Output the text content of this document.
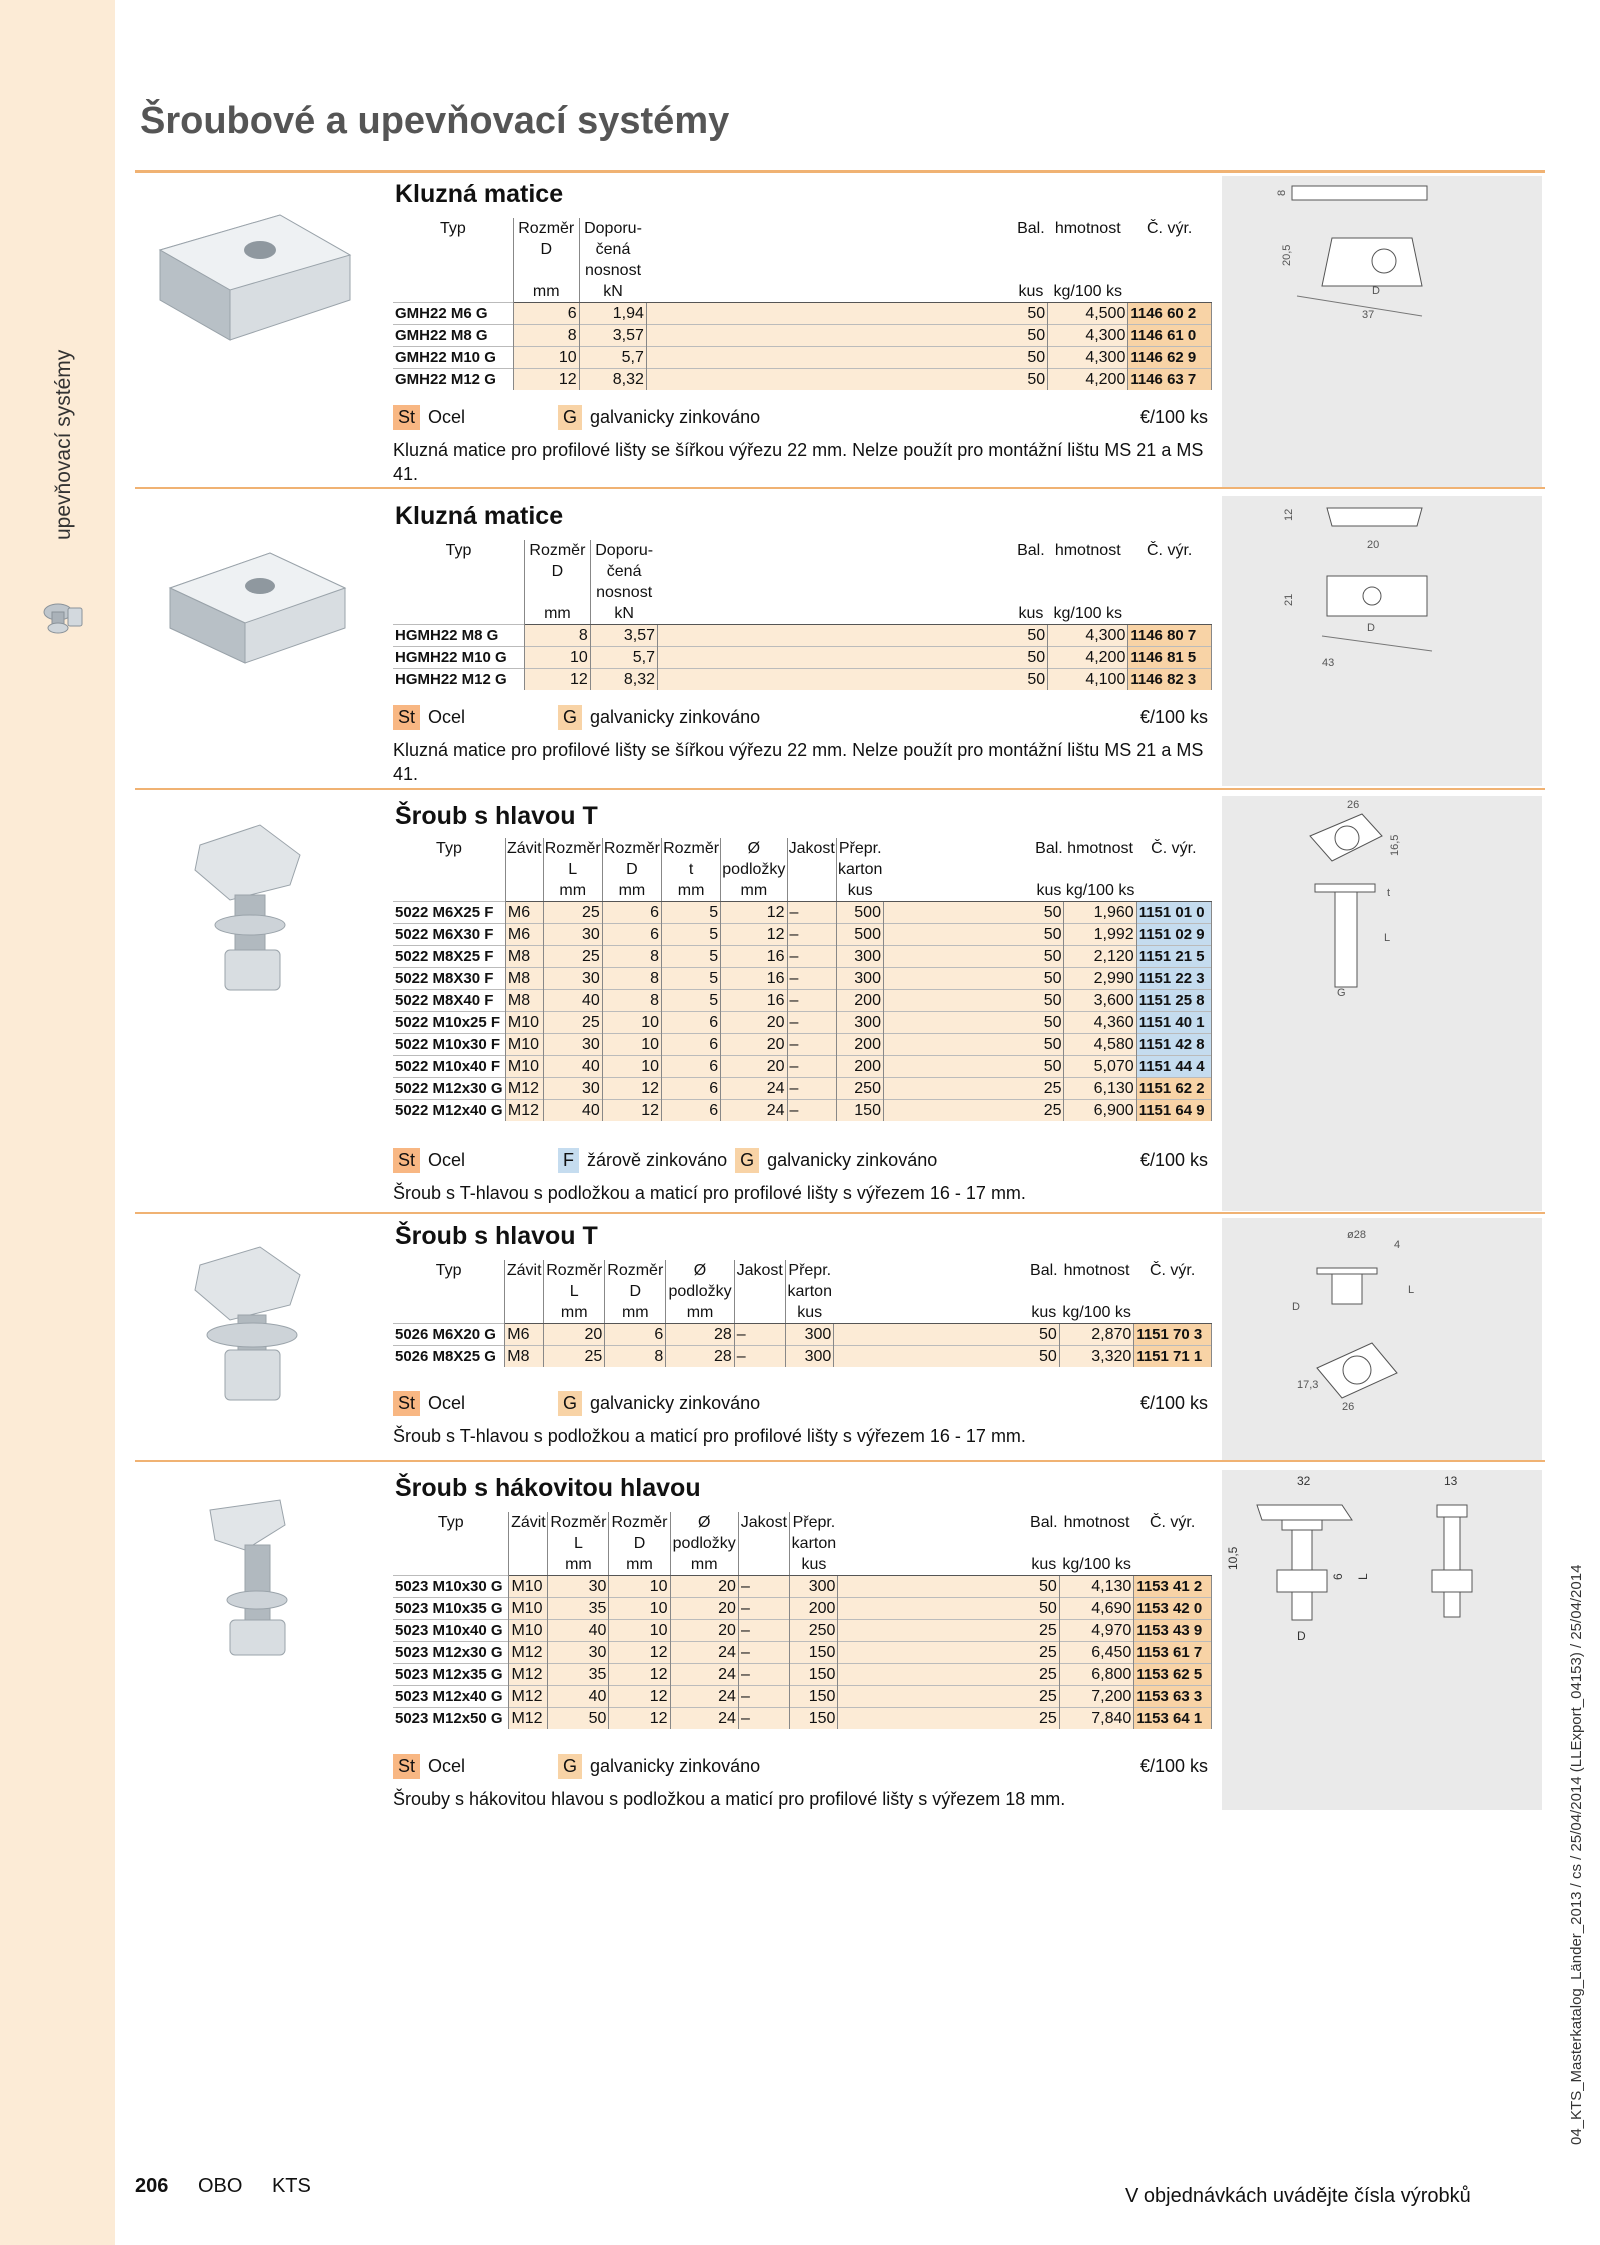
upevňovací systémy
Šroubové a upevňovací systémy
Kluzná matice
Typ	Rozměr D	Doporu- čená nosnost		Bal.	hmotnost	Č. výr.
	mm	kN		kus	kg/100 ks	
GMH22 M6 G	6	1,94		50	4,500	1146 60 2
GMH22 M8 G	8	3,57		50	4,300	1146 61 0
GMH22 M10 G	10	5,7		50	4,300	1146 62 9
GMH22 M12 G	12	8,32		50	4,200	1146 63 7
St Ocel	G galvanicky zinkováno	€/100 ks
Kluzná matice pro profilové lišty se šířkou výřezu 22 mm. Nelze použít pro montážní lištu MS 21 a MS 41.
8
20,5
D
37
Kluzná matice
Typ	Rozměr D	Doporu- čená nosnost		Bal.	hmotnost	Č. výr.
	mm	kN		kus	kg/100 ks	
HGMH22 M8 G	8	3,57		50	4,300	1146 80 7
HGMH22 M10 G	10	5,7		50	4,200	1146 81 5
HGMH22 M12 G	12	8,32		50	4,100	1146 82 3
St Ocel	G galvanicky zinkováno	€/100 ks
Kluzná matice pro profilové lišty se šířkou výřezu 22 mm. Nelze použít pro montážní lištu MS 21 a MS 41.
12
20
21
D
43
Šroub s hlavou T
Typ	Závit	Rozměr L	Rozměr D	Rozměr t	Ø podložky	Jakost	Přepr. karton		Bal.	hmotnost	Č. výr.
		mm	mm	mm	mm		kus		kus	kg/100 ks	
5022 M6X25 F	M6	25	6	5	12	–	500		50	1,960	1151 01 0
5022 M6X30 F	M6	30	6	5	12	–	500		50	1,992	1151 02 9
5022 M8X25 F	M8	25	8	5	16	–	300		50	2,120	1151 21 5
5022 M8X30 F	M8	30	8	5	16	–	300		50	2,990	1151 22 3
5022 M8X40 F	M8	40	8	5	16	–	200		50	3,600	1151 25 8
5022 M10x25 F	M10	25	10	6	20	–	300		50	4,360	1151 40 1
5022 M10x30 F	M10	30	10	6	20	–	200		50	4,580	1151 42 8
5022 M10x40 F	M10	40	10	6	20	–	200		50	5,070	1151 44 4
5022 M12x30 G	M12	30	12	6	24	–	250		25	6,130	1151 62 2
5022 M12x40 G	M12	40	12	6	24	–	150		25	6,900	1151 64 9
St Ocel	F žárově zinkováno G galvanicky zinkováno	€/100 ks
Šroub s T-hlavou s podložkou a maticí pro profilové lišty s výřezem 16 - 17 mm.
26
16,5
t
L
G
Šroub s hlavou T
Typ	Závit	Rozměr L	Rozměr D	Ø podložky	Jakost	Přepr. karton		Bal.	hmotnost	Č. výr.
		mm	mm	mm		kus		kus	kg/100 ks	
5026 M6X20 G	M6	20	6	28	–	300		50	2,870	1151 70 3
5026 M8X25 G	M8	25	8	28	–	300		50	3,320	1151 71 1
St Ocel	G galvanicky zinkováno	€/100 ks
Šroub s T-hlavou s podložkou a maticí pro profilové lišty s výřezem 16 - 17 mm.
ø28
4
L
D
17,3
26
Šroub s hákovitou hlavou
Typ	Závit	Rozměr L	Rozměr D	Ø podložky	Jakost	Přepr. karton		Bal.	hmotnost	Č. výr.
		mm	mm	mm		kus		kus	kg/100 ks	
5023 M10x30 G	M10	30	10	20	–	300		50	4,130	1153 41 2
5023 M10x35 G	M10	35	10	20	–	200		50	4,690	1153 42 0
5023 M10x40 G	M10	40	10	20	–	250		25	4,970	1153 43 9
5023 M12x30 G	M12	30	12	24	–	150		25	6,450	1153 61 7
5023 M12x35 G	M12	35	12	24	–	150		25	6,800	1153 62 5
5023 M12x40 G	M12	40	12	24	–	150		25	7,200	1153 63 3
5023 M12x50 G	M12	50	12	24	–	150		25	7,840	1153 64 1
St Ocel	G galvanicky zinkováno	€/100 ks
Šrouby s hákovitou hlavou s podložkou a maticí pro profilové lišty s výřezem 18 mm.
32	13
10,5
6 L
D
206 OBO KTS	V objednávkách uvádějte čísla výrobků
04_KTS_Masterkatalog_Länder_2013 / cs / 25/04/2014 (LLExport_04153) / 25/04/2014
